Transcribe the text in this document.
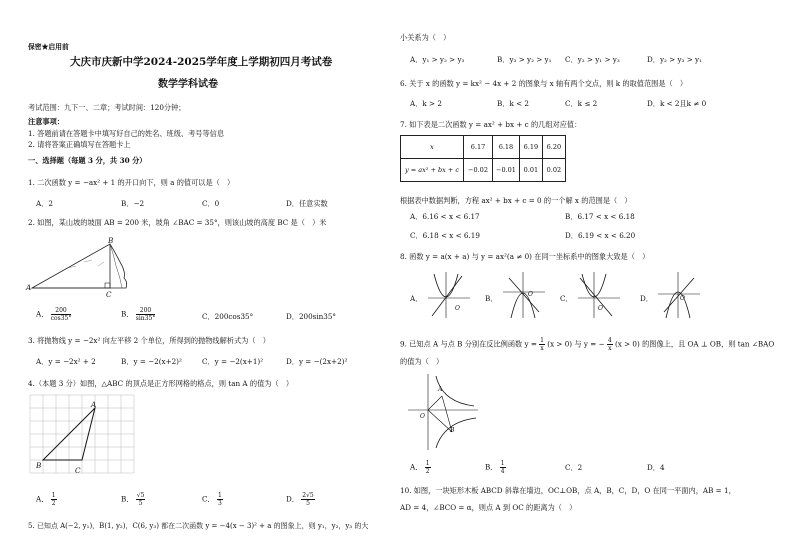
保密★启用前
大庆市庆新中学2024-2025学年度上学期初四月考试卷
数学学科试卷
考试范围：九下一、二章；考试时间：120分钟；
注意事项：
1. 答题前请在答题卡中填写好自己的姓名、班级、考号等信息
2. 请将答案正确填写在答题卡上
一、选择题（每题 3 分，共 30 分）
1. 二次函数 y = −ax² + 1 的开口向下，则 a 的值可以是（　）
A．2	B．−2	C．0	D．任意实数
2. 如图，某山坡的坡面 AB = 200 米，坡角 ∠BAC = 35°，则该山坡的高度 BC 是（　）米
A
B
C
A． $\frac{200}{\cos 35^\circ}$	B． $\frac{200}{\sin 35^\circ}$	C．200cos35°	D．200sin35°
3. 将抛物线 y = −2x² 向左平移 2 个单位，所得到的抛物线解析式为（　）
A．y = −2x² + 2	B．y = −2(x+2)²	C．y = −2(x+1)²	D．y = −(2x+2)²
4.（本题 3 分）如图，△ABC 的顶点是正方形网格的格点，则 tan A 的值为（　）
A
B
C
A． $\frac{1}{2}$	B． $\frac{√5}{5}$	C． $\frac{1}{3}$	D． $\frac{2√5}{5}$
5. 已知点 A(−2, y₁)，B(1, y₂)，C(6, y₃) 都在二次函数 y = −4(x − 3)² + a 的图象上，则 y₁，y₂，y₃ 的大
小关系为（　）
A．y₁ > y₂ > y₃	B．y₃ > y₂ > y₁ C．y₂ > y₁ > y₃	D．y₂ > y₃ > y₁
6. 关于 x 的函数 y = kx² − 4x + 2 的图象与 x 轴有两个交点，则 k 的取值范围是（　）
A．k > 2	B．k < 2	C．k ≤ 2	D．k < 2且k ≠ 0
7. 如下表是二次函数 y = ax² + bx + c 的几组对应值：
x	6.17	6.18	6.19	6.20
y = ax² + bx + c	−0.02	−0.01	0.01	0.02
根据表中数据判断，方程 ax² + bx + c = 0 的一个解 x 的范围是（　）
A．6.16 < x < 6.17	B．6.17 < x < 6.18
C．6.18 < x < 6.19	D．6.19 < x < 6.20
8. 函数 y = a(x + a) 与 y = ax²(a ≠ 0) 在同一坐标系中的图象大致是（　）
A．	B．	C．	D．
O
O
O
O
9. 已知点 A 与点 B 分别在反比例函数 $y = \frac{1}{x} (x > 0)$ 与 y = − $\frac{4}{x} (x > 0)$ 的图像上，且 OA ⊥ OB，则 tan ∠BAO
的值为（　）
A
B
O
A． $\frac{1}{2}$	B． $\frac{1}{4}$	C．2	D．4
10. 如图，一块矩形木板 ABCD 斜靠在墙边，OC⊥OB，点 A，B，C，D，O 在同一平面内，AB = 1，
AD = 4，∠BCO = α，则点 A 到 OC 的距离为（　）
